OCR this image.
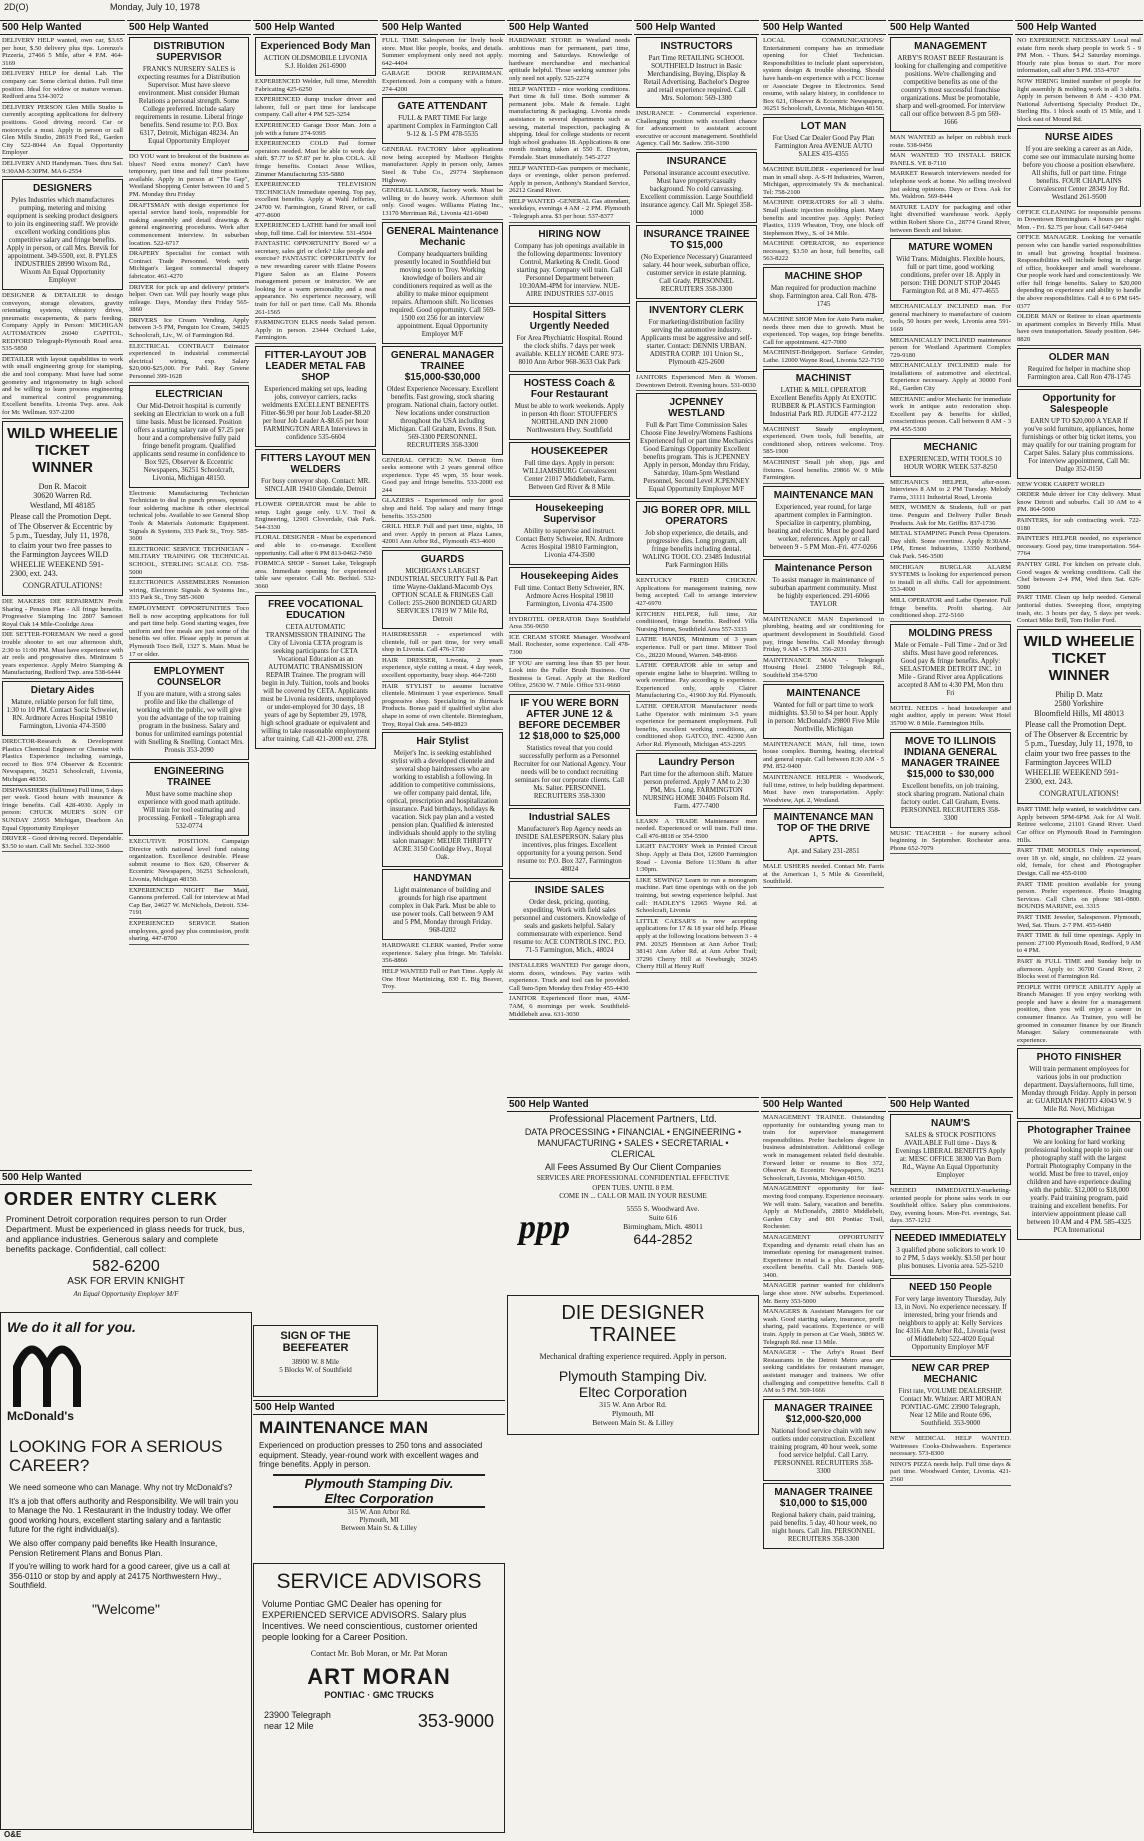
2D(O)	Monday, July 10, 1978
500 Help Wanted
DELIVERY HELP wanted, own car, $3.65 per hour, $.50 delivery plus tips. Lorenzo's Pizzeria, 27466 5 Mile, after 4 P.M. 464-3169
DELIVERY HELP for dental Lab. The company car. Some clerical duties. Full time position. Ideal for widow or mature woman. Redford area 534-3072
DELIVERY PERSON Glen Mills Studio is currently accepting applications for delivery positions. Good driving record. Car or motorcycle a must. Apply in person or call Glen Mills Studio, 28619 Ford Rd., Garden City 522-8044 An Equal Opportunity Employer
DELIVERY AND Handyman. Tues. thru Sat. 9:30AM-5:30PM. MA 6-2554
DESIGNERS

Pyles Industries which manufactures pumping, metering and mixing equipment is seeking product designers to join its engineering staff. We provide excellent working conditions plus competitive salary and fringe benefits. Apply in person, or call Mrs. Brevik for appointment. 349-5500, ext. 8. PYLES INDUSTRIES 28990 Wixom Rd., Wixom An Equal Opportunity Employer

DESIGNER & DETAILER to design conveyors, storage elevators, gravity orientating systems, vibratory drives, pneumatic escapements, & parts feeding. Company Apply in Person: MICHIGAN AUTOMATION 26040 CAPITOL, REDFORD Telegraph-Plymouth Road area. 535-5850
DETAILER with layout capabilities to work with small engineering group for stamping, die and tool company. Must have had some geometry and trigonometry in high school and be willing to learn process engineering and numerical control programming. Excellent benefits. Livonia Twp. area. Ask for Mr. Wellman. 937-2200
WILD WHEELIE TICKET WINNER
Don R. Macoit
30620 Warren Rd.
Westland, MI 48185
Please call the Promotion Dept. of The Observer & Eccentric by 5 p.m., Tuesday, July 11, 1978, to claim your two free passes to the Farmington Jaycees WILD WHEELIE WEEKEND 591-2300, ext. 243.
CONGRATULATIONS!
DIE MAKERS DIE REPAIRMEN Profit Sharing - Pension Plan - All fringe benefits. Progressive Stamping Inc 2807 Samoset Royal Oak 14 Mile-Coolidge Area
DIE SETTER-FOREMAN We need a good trouble shooter to set our afternoon shift, 2:30 to 11:00 PM. Must have experience with air reels and progressive dies. Minimum 5 years experience. Apply Metro Stamping & Manufacturing, Redford Twp. area 538-6444
Dietary Aides

Mature, reliable person for full time, 1:30 to 10 PM. Contact Sociz Schweier, RN. Ardmore Acres Hospital 19810 Farmington, Livonia 474-3500

DIRECTOR-Research & Development Plastics Chemical Engineer or Chemist with Plastics Experience including earnings, record to Box 974 Observer & Eccentric Newspapers, 36251 Schoolcraft, Livonia, Michigan 48150.
DISHWASHERS (full/time) Full time, 5 days per week. Good hours with insurance & fringe benefits. Call 428-4930. Apply in person: CHUCK MUER'S SON OF SUNDAY 25955 Michigan, Dearborn An Equal Opportunity Employer
DRIVER - Good driving record. Dependable. $3.50 to start. Call Mr. Sechel. 332-3660
500 Help Wanted
DISTRIBUTION SUPERVISOR

FRANK'S NURSERY SALES is expecting resumes for a Distribution Supervisor. Must have sleeve environment. Must consider Human Relations a personal strength. Some College preferred. Include salary requirements in resume. Liberal fringe benefits. Send resume to: P.O. Box 6317, Detroit, Michigan 48234. An Equal Opportunity Employer

DO YOU want to breakout of the business as blues? Need extra money? Can't have temporary, part time and full time positions available. Apply in person at "The Gap", Westland Shopping Center between 10 and 5 PM. Monday thru Friday
DRAFTSMAN with design experience for special service hand tools, responsible for making assembly and detail drawings & general engineering procedures. Work after commencement interview. In suburban location. 522-6717
DRAPERY Specialist for contact with Contract Trade Personnel. Work with Michigan's largest commercial drapery fabricator. 461-4270
DRIVER for pick up and delivery/ printer's helper. Own car. Will pay hourly wage plus mileage. Days, Monday thru Friday 565-3860
DRIVERS Ice Cream Vending. Apply between 3-5 PM, Penguin Ice Cream, 34025 Schoolcraft, Liv., W. of Farmington Rd.
ELECTRICAL CONTRACT Estimator experienced in industrial commercial electrical wiring, exp. Salary $20,000-$25,000. For Pabl. Ray Greene Personnel 399-1628
ELECTRICIAN

Our Mid-Detroit hospital is currently seeking an Electrician to work on a full time basis. Must be licensed. Position offers a starting salary rate of $7.25 per hour and a comprehensive fully paid fringe benefit program. Qualified applicants send resume in confidence to Box 925, Observer & Eccentric Newspapers, 36251 Schoolcraft, Livonia, Michigan 48150.

Electronic Manufacturing Technician Technician to deal in punch presses, operate four soldering machine & other electrical technical jobs. Available to see General Shop Tools & Materials Automatic Equipment. Signals & Systems, 333 Park St., Troy. 585-3600
ELECTRONIC SERVICE TECHNICIAN - MILITARY TRAINING OR TECHNICAL SCHOOL, STERLING SCALE CO. 758-5000
ELECTRONICS ASSEMBLERS Nonunion wiring, Electronic Signals & Systems Inc., 333 Park St., Troy 585-3600
EMPLOYMENT OPPORTUNITIES Toco Bell is now accepting applications for full and part time help. Good starting wages, free uniform and free meals are just some of the benefits we offer. Please apply in person at Plymouth Toco Bell, 1327 S. Main. Must be 17 or older.
EMPLOYMENT COUNSELOR

If you are mature, with a strong sales profile and like the challenge of working with the public, we will give you the advantage of the top training program in the business. Salary and bonus for unlimited earnings potential with Snelling & Snelling. Contact Mrs. Pronsis 353-2090

ENGINEERING TRAINEE

Must have some machine shop experience with good math aptitude. Will train for tool estimating and processing. Fenkell - Telegraph area 532-0774

EXECUTIVE POSITION. Campaign Director with national level fund raising organization. Excellence desirable. Please submit resume to Box 620, Observer & Eccentric Newspapers, 36251 Schoolcraft, Livonia, Michigan 48150.
EXPERIENCED NIGHT Bar Maid, Gannons preferred. Call for interview at Mad Cap Bar, 24627 W. McNichols, Detroit. 534-7191
EXPERIENCED SERVICE Station employees, good pay plus commission, profit sharing. 447-8700
500 Help Wanted
Experienced Body Man

ACTION OLDSMOBILE LIVONIA S.J. Holden 261-6900

EXPERIENCED Welder, full time, Meredith Fabricating 425-6250
EXPERIENCED dump trucker driver and laborer, full or part time for landscape company. Call after 4 PM 525-3254
EXPERIENCED Garage Door Man. Join a job with a future 274-9395
EXPERIENCED COLD Pad former operators needed. Must be able to work day shift. $7.77 to $7.87 per hr. plus COLA. All fringe benefits. Contact Jesse Wilkes, Zimmer Manufacturing 535-5880
EXPERIENCED TELEVISION TECHNICIAN Immediate opening. Top pay, excellent benefits. Apply at Wahl Jefferies, 24700 W. Farmington, Grand River, or call 477-8600
EXPERIENCED LATHE hand for small tool shop, full time. Call for interview. 531-4504
FANTASTIC OPPORTUNITY Bored w/ a secretary, sales girl or clerk? Like people and exercise? FANTASTIC OPPORTUNITY for a new rewarding career with Elaine Powers Figure Salon as an Elaine Powers management person or instructor. We are looking for a warm personality and a neat appearance. No experience necessary, will train for full or part time. Call Ms. Rhonda 261-1565
FARMINGTON ELKS needs Salad person. Apply in person. 23444 Orchard Lake, Farmington.
FITTER-LAYOUT JOB LEADER METAL FAB SHOP

Experienced making set ups, leading jobs, conveyor carriers, racks weldments EXCELLENT BENEFITS Fitter-$6.90 per hour Job Leader-$8.20 per hour Job Leader A-$8.65 per hour FARMINGTON AREA Interviews in confidence 535-6604

FITTERS LAYOUT MEN WELDERS

For busy conveyor shop. Contact: MR. SINCLAIR 19410 Glendale, Detroit

FLOWER OPERATOR must be able to setup. Light gauge only. U.V. Tool & Engineering, 12901 Cloverdale, Oak Park. 544-3330
FLORAL DESIGNER - Must be experienced and able to co-manage. Excellent opportunity. Call after 6 PM 813-0462-7450
FORMICA SHOP - Sunset Lake, Telegraph area. Immediate opening for experienced table saw operator. Call Mr. Bechtel. 532-3660
FREE VOCATIONAL EDUCATION

CETA AUTOMATIC TRANSMISSION TRAINING The City of Livonia CETA program is seeking participants for CETA Vocational Education as an AUTOMATIC TRANSMISSION REPAIR Trainee. The program will begin in July. Tuition, tools and books will be covered by CETA. Applicants must be Livonia residents, unemployed or under-employed for 30 days, 18 years of age by September 29, 1978, high school graduate or equivalent and willing to take reasonable employment after training. Call 421-2000 ext. 278.

500 Help Wanted
FULL TIME Salesperson for lively book store. Must like people, books, and details. Summer employment only need not apply. 642-4404
GARAGE DOOR REPAIRMAN. Experienced. Join a company with a future. 274-4200
GATE ATTENDANT

FULL & PART TIME For large apartment Complex in Farmington Call 9-12 & 1-5 PM 478-5535

GENERAL FACTORY labor applications now being accepted by Madison Heights manufacturer. Apply in person only, James Steel & Tube Co., 29774 Stephenson Highway.
GENERAL LABOR, factory work. Must be willing to do heavy work. Afternoon shift only. Good wages. Williams Plating Inc., 13170 Merriman Rd., Livonia 421-6040
GENERAL Maintenance Mechanic

Company headquarters building presently located in Southfield but moving soon to Troy. Working knowledge of boilers and air conditioners required as well as the ability to make minor equipment repairs. Afternoon shift. No licenses required. Good opportunity. Call 569-1500 ext 256 for an interview appointment. Equal Opportunity Employer M/F

GENERAL MANAGER TRAINEE $15,000-$30,000

Oldest Experience Necessary. Excellent benefits. Fast growing, stock sharing program. National chain, factory outlet. New locations under construction throughout the USA including Michigan. Call Graham, Evens. 8 Sun. 569-3300 PERSONNEL RECRUITERS 358-3300

GENERAL OFFICE: N.W. Detroit firm seeks someone with 2 years general office experience. Type 45 wpm, 35 hour week. Good pay and fringe benefits. 533-2000 ext 244
GLAZIERS - Experienced only for good shop and field. Top salary and many fringe benefits. 353-2500
GRILL HELP. Full and part time, nights, 18 and over. Apply in person at Plaza Lanes, 42001 Ann Arbor Rd., Plymouth 453-4600
GUARDS

MICHIGAN'S LARGEST INDUSTRIAL SECURITY Full & Part time Wayne-Oakland-Macomb Oys OPTION SCALE & FRINGES Call Collect: 255-2600 BONDED GUARD SERVICES 17819 W 7 Mile Rd, Detroit

HAIRDRESSER - experienced with clientele, full or part time, for very small shop in Livonia. Call 476-1730
HAIR DRESSER, Livonia, 2 years experience, style cutting a must. 4 day week, excellent opportunity, busy shop. 464-7260
HAIR STYLIST to assume lucrative clientele. Minimum 1 year experience. Small progressive shop. Specializing in Jhirmack Products. Bonus paid if qualified stylist also shape in some of own clientele. Birmingham, Troy, Royal Oak area. 549-8823
Hair Stylist

Meijer's Inc. is seeking established stylist with a developed clientele and several shop hairdressers who are working to establish a following. In addition to competitive commissions, we offer company paid dental, life, optical, prescription and hospitalization insurance. Paid birthdays, holidays & vacation. Sick pay plan and a vested pension plan. Qualified & interested individuals should apply to the styling salon manager: MEIJER THRIFTY ACRE 3150 Coolidge Hwy., Royal Oak.

HANDYMAN

Light maintenance of building and grounds for high rise apartment complex in Oak Park. Must be able to use power tools. Call between 9 AM and 5 PM, Monday through Friday. 968-0202

HARDWARE CLERK wanted, Prefer some experience. Salary plus fringe. Mr. Tafelski. 356-8866
HELP WANTED Full or Part Time. Apply At One Hour Martinizing, 830 E. Big Beaver, Troy.
500 Help Wanted
HARDWARE STORE in Westland needs ambitious man for permanent, part time, morning and Saturdays. Knowledge of hardware merchandise and mechanical aptitude helpful. Those seeking summer jobs only need not apply. 525-2274
HELP WANTED - nice working conditions. Part time & full time. Both summer & permanent jobs. Male & female. Light manufacturing & packaging. Livonia needs assistance in several departments such as sewing, material inspection, packaging & shipping. Ideal for college students or recent high school graduates 18. Applications & one month training taken at 550 E. Drayton, Ferndale. Start immediately. 545-2727
HELP WANTED-Gas pumpers or mechanic, days or evenings, older person preferred. Apply in person, Anthony's Standard Service, 26212 Grand River.
HELP WANTED -GENERAL Gas attendant, weekdays, evenings 4 AM - 2 PM. Plymouth - Telegraph area. $3 per hour. 537-8377
HIRING NOW

Company has job openings available in the following departments: Inventory Control, Marketing & Credit. Good starting pay. Company will train. Call Personnel Department between 10:30AM-4PM for interview. NUE-AIRE INDUSTRIES 537-0015

Hospital Sitters Urgently Needed

For Area Phychiatric Hospital. Round the clock shifts. 7 days per week available. KELLY HOME CARE 973-8010 Ann Arbor 968-3633 Oak Park

HOSTESS Coach & Four Restaurant

Must be able to work weekends. Apply in person 4th floor: STOUFFER'S NORTHLAND INN 21000 Northwestern Hwy. Southfield

HOUSEKEEPER

Full time days. Apply in person: WILLIAMSBURG Convalescent Center 21017 Middlebelt, Farm. Between Grd River & 8 Mile

Housekeeping Supervisor

Ability to supervise and instruct. Contact Betty Schweier, RN. Ardmore Acres Hospital 19810 Farmington, Livonia 474-3500

Housekeeping Aides

Full time. Contact Betty Schweier, RN. Ardmore Acres Hospital 19810 Farmington, Livonia 474-3500

HYDROTEL OPERATOR Days Southfield Area 356-9650
ICE CREAM STORE Manager. Woodward Mall. Rochester, some experience. Call 478-7390
IF YOU are earning less than $5 per hour. Look into the Fuller Brush Business. Our Business is Great. Apply at the Redford Office, 25630 W. 7 Mile. Office 531-9660
IF YOU WERE BORN AFTER JUNE 12 & BEFORE DECEMBER 12 $18,000 to $25,000

Statistics reveal that you could successfully perform as a Personnel Recruiter for our National Agency. Your needs will be to conduct recruiting seminars for our corporate clients. Call Ms. Salter. PERSONNEL RECRUITERS 358-3300

Industrial SALES

Manufacturer's Rep Agency needs an INSIDE SALESPERSON. Salary plus incentives, plus fringes. Excellent opportunity for a young person. Send resume to: P.O. Box 327, Farmington 48024

INSIDE SALES

Order desk, pricing, quoting, expediting. Work with field sales personnel and customers. Knowledge of seals and gaskets helpful. Salary commensurate with experience. Send resume to: ACE CONTROLS INC. P.O. 71-5 Farmington, Mich., 48024

INSTALLERS WANTED For garage doors, storm doors, windows. Pay varies with experience. Truck and tool can be provided. Call 9am-5pm Monday thru Friday 455-4430
JANITOR Experienced floor man, 4AM-7AM, 6 mornings per week. Southfield-Middlebelt area. 631-3030
500 Help Wanted
INSTRUCTORS

Part Time RETAILING SCHOOL SOUTHFIELD Instruct in Basic Merchandising, Buying, Display & Retail Advertising. Bachelor's Degree and retail experience required. Call Mrs. Solomon: 569-1300

INSURANCE - Commercial experience. Challenging position with excellent chance for advancement to assistant account executive or account management. Southfield Agency. Call Mr. Sadow. 356-3190
INSURANCE

Personal insurance account executive. Must have property/casualty background. No cold canvassing. Excellent commission. Large Southfield insurance agency. Call Mr. Spiegel 358-1000

INSURANCE TRAINEE TO $15,000

(No Experience Necessary) Guaranteed salary. 44 hour week, suburban office, customer service in estate planning. Call Grady. PERSONNEL RECRUITERS 358-3300

INVENTORY CLERK

For marketing/distribution facility serving the automotive industry. Applicants must be aggressive and self-starter. Contact: DENNIS URBAN. ADISTRA CORP. 101 Union St., Plymouth 425-2600

JANITORS Experienced Men & Women. Downtown Detroit. Evening hours. 531-0030
JCPENNEY WESTLAND

Full & Part Time Commission Sales Choose Fine Jewelry/Womens Fashions Experienced full or part time Mechanics Good Earnings Opportunity Excellent benefits program. This is JCPENNEY Apply in person, Monday thru Friday, Saturday, 10am-5pm Westland Personnel, Second Level JCPENNEY Equal Opportunity Employer M/F

JIG BORER OPR. MILL OPERATORS

Job shop experience, die details, and progressive dies. Long program, all fringe benefits including dental. WALING TOOL CO. 23485 Industrial Park Farmington Hills

KENTUCKY FRIED CHICKEN. Applications for management training, now being accepted. Call to arrange interview 427-6970
KITCHEN HELPER, full time, Air conditioned, fringe benefits. Redford Villa Nursing Home, Southfield Area 557-3333
LATHE HANDS, Minimum of 3 years experience. Full or part time. Mitteer Tool Co., 28220 Mound, Warren. 348-8966
LATHE OPERATOR able to setup and operate engine lathe to blueprint. Willing to work overtime. Pay according to experience. Experienced only, apply Clairer Manufacturing Co., 41960 Joy Rd. Plymouth.
LATHE OPERATOR Manufacturer needs Lathe Operator with minimum 3-5 years experience for permanent employment. Full benefits, excellent working conditions, air conditioned shop. GATCO, INC. 42300 Ann Arbor Rd. Plymouth, Michigan 453-2295
Laundry Person

Part time for the afternoon shift. Mature person preferred. Apply 7 AM to 2:30 PM, Mrs. Long. FARMINGTON NURSING HOME 30405 Folsom Rd. Farm. 477-7400

LEARN A TRADE Maintenance men needed. Experienced or will train. Full time. Call 476-8818 or 354-5500
LIGHT FACTORY Work in Printed Circuit Shop. Apply at Data Dot, 12600 Farmington Road - Livonia Before 11:30am & after 1:30pm.
LIKE SEWING? Learn to run a monogram machine. Part time openings with on the job training, but sewing experience helpful. Just call: HADLEY'S 12965 Wayne Rd. at Schoolcraft, Livonia
LITTLE CAESAR'S is now accepting applications for 17 & 18 year old help. Please apply at the following locations between 3 - 4 PM. 20325 Hennison at Ann Arbor Trail; 38141 Ann Arbor Rd. at Ann Arbor Trail; 37296 Cherry Hill at Newburgh; 30245 Cherry Hill at Henry Ruff
500 Help Wanted
LOCAL COMMUNICATIONS/ Entertainment company has an immediate opening for Chief Technician. Responsibilities to include plant supervision, system design & trouble shooting. Should have hands-on experience with a FCC license or Associate Degree in Electronics. Send resume, with salary history, in confidence to Box 621, Observer & Eccentric Newspapers, 36251 Schoolcraft, Livonia, Michigan 48150.
LOT MAN

For Used Car Dealer Good Pay Plan Farmington Area AVENUE AUTO SALES 435-4355

MACHINE BUILDER - experienced for lead man in small shop. A-S-H Industries, Warren, Michigan, approximately 9's & mechanical. Tel: 758-2100
MACHINE OPERATORS for all 3 shifts. Small plastic injection molding plant. Many benefits and incentive pay. Apply: Perfect Plastics, 1119 Wheaton, Troy, one block off Stephenson Hwy., S. of 14 Mile.
MACHINE OPERATOR, no experience necessary, $3.50 an hour, full benefits, call 563-8222
MACHINE SHOP

Man required for production machine shop. Farmington area. Call Ron. 478-1745

MACHINE SHOP Men for Auto Parts maker, needs three men due to growth. Must be experienced. Top wages, top fringe benefits. Call for appointment. 427-7000
MACHINIST-Bridgeport. Surface Grinder, Lathe. 12000 Wayne Road, Livonia 522-7150
MACHINIST

LATHE & MILL OPERATOR Excellent Benefits Apply At EXOTIC RUBBER & PLASTICS Farmington Industrial Park RD. JUDGE 477-2122

MACHINIST Steady employment, experienced. Own tools, full benefits, air conditioned shop, retirees welcome. Troy. 585-1900
MACHINIST Small job shop, jigs and fixtures. Good benefits. 29866 W. 9 Mile Farmington.
MAINTENANCE MAN

Experienced, year round, for large apartment complex in Farmington. Specialize in carpentry, plumbing, heating and electric. Must be good hard worker, references. Apply or call between 9 - 5 PM Mon.-Fri. 477-0266

Maintenance Person

To assist manager in maintenance of suburban apartment community. Must be highly experienced. 291-6066 TAYLOR

MAINTENANCE MAN Experienced in plumbing, heating and air conditioning for apartment development in Southfield. Good pay, fringe benefits. Call Monday through Friday, 9 AM - 5 PM. 356-2031
MAINTENANCE MAN - Telegraph Housing Hotel. 23800 Telegraph Rd., Southfield 354-5700
MAINTENANCE

Wanted for full or part time to work midnights. $3.50 to $4 per hour. Apply in person: McDonald's 29800 Five Mile Northville, Michigan

MAINTENANCE MAN, full time, town house complex. Burning, heating, electrical and general repair. Call between 8:30 AM - 5 PM. 852-9400
MAINTENANCE HELPER - Woodwork, full time, retiree, to help building department. Must have own transportation. Apply: Woodview, Apt. 2, Westland.
MAINTENANCE MAN TOP OF THE DRIVE APTS.

Apt. and Salary 231-2851

MALE USHERS needed. Contact Mr. Farris at the American 1, 5 Mile & Greenfield, Southfield.
500 Help Wanted
MANAGEMENT

ARBY'S ROAST BEEF Restaurant is looking for challenging and competitive positions. We're challenging and competitive benefits as one of the country's most successful franchise organizations. Must be promotable, sharp and well-groomed. For interview call our office between 8-5 pm 569-1666

MAN WANTED as helper on rubbish truck route. 538-9456
MAN WANTED TO INSTALL BRICK PANELS. VE 8-7110
MARKET Research interviewers needed for telephone work at home. No selling involved just asking opinions. Days or Eves. Ask for Ms. Waldron. 569-8444
MATURE LADY for packaging and other light diversified warehouse work. Apply within Robert Shore Co., 28774 Grand River, between Beech and Inkster.
MATURE WOMEN

Wild Trans. Midnights. Flexible hours, full or part time, good working conditions, prefer over 18. Apply in person: THE DONUT STOP 20445 Farmington Rd. at 8 Mi. 477-4655

MECHANICALLY INCLINED man. For general machinery to manufacture of custom tools, 50 hours per week, Livonia area 591-1669
MECHANICALLY INCLINED maintenance person for Westland Apartment Complex 729-9180
MECHANICALLY INCLINED male for installations of automotive and electrical. Experience necessary. Apply at 30000 Ford Rd., Garden City
MECHANIC and/or Mechanic for immediate work in antique auto restoration shop. Excellent pay & benefits for skilled, conscientious person. Call between 8 AM - 3 PM 455-5300
MECHANIC

EXPERIENCED, WITH TOOLS 10 HOUR WORK WEEK 537-8250

MECHANICS HELPER, after-noon. Interviews 8 AM to 2 PM Tuesday. Melody Farms, 31111 Industrial Road, Livonia
MEN, WOMEN & Students, full or part time. Penguin and Delivery Fuller Brush Products. Ask for Mr. Griffin. 837-1736
METAL STAMPING Punch Press Operators. Day shift. Some overtime. Apply 8:30AM-1PM, Ernest Industries, 13350 Northend, Oak Park. 546-3500
MICHIGAN BURGLAR ALARM SYSTEMS is looking for experienced person to install in all shifts. Call for appointment. 553-4000
MILL OPERATOR and Lathe Operator. Full fringe benefits. Profit sharing. Air conditioned shop. 272-5160
MOLDING PRESS

Male or Female - Full Time - 2nd or 3rd shifts. Must have good references. Good pay & fringe benefits. Apply: SELASTOMER DETROIT INC. 10 Mile - Grand River area Applications accepted 8 AM to 4:30 PM, Mon thru Fri

MOTEL NEEDS - head housekeeper and night auditor, apply in person: West Hotel 35700 W. 8 Mile. Farmington Hills.
MOVE TO ILLINOIS INDIANA GENERAL MANAGER TRAINEE $15,000 to $30,000

Excellent benefits, on job training, stock sharing program. National chain factory outlet. Call Graham, Evens. PERSONNEL RECRUITERS 358-3300

MUSIC TEACHER - for nursery school beginning in September. Rochester area. Phone 652-7079
500 Help Wanted
NO EXPERIENCE NECESSARY Local real estate firm needs sharp people to work 5 - 9 PM Mon. - Thurs. $4.2 Saturday mornings. Hourly rate plus bonus to start. For more information, call after 5 PM. 353-4707
NOW HIRING limited number of people for light assembly & molding work in all 3 shifts. Apply in person between 8 AM - 4:30 PM. National Advertising Specialty Product Dr., Sterling Hts. 1 block south of 15 Mile, and 1 block east of Mound Rd.
NURSE AIDES

If you are seeking a career as an Aide, come see our immaculate nursing home before you choose a position elsewhere. All shifts, full or part time. Fringe benefits. FOUR CHAPLAINS Convalescent Center 28349 Joy Rd. Westland 261-9500

OFFICE CLEANING for responsible persons in Downtown Birmingham. 4 hours per night. Mon. - Fri. $2.75 per hour. Call 647-9464
OFFICE MANAGER. Looking for versatile person who can handle varied responsibilities in small but growing hospital business. Responsibilities will include being in charge of office, bookkeeper and small warehouse. Our people work hard and conscientiously. We offer full fringe benefits. Salary to $20,000 depending on experience and ability to handle the above responsibilities. Call 4 to 6 PM 645-0377
OLDER MAN or Retiree to clean apartments in apartment complex in Beverly Hills. Must have own transportation. Steady position. 646-8820
OLDER MAN

Required for helper in machine shop Farmington area. Call Ron 478-1745

Opportunity for Salespeople

EARN UP TO $20,000 A YEAR If you've sold furniture, appliances, home furnishings or other big ticket items, you may qualify for our training program for Carpet Sales. Salary plus commissions. For interview appointment, Call Mr. Dudge 352-0150

NEW YORK CARPET WORLD
ORDER Mule driver for City delivery. Must know Detroit and suburbs. Call 10 AM to 4 PM. 864-5000
PAINTERS, for sub contracting work. 722-0180
PAINTER'S HELPER needed, no experience necessary. Good pay, time transportation. 564-7764
PANTRY GIRL For kitchen on private club. Good wages & working conditions. Call the Chef between 2-4 PM, Wed thru Sat. 626-5080
PART TIME Clean up help needed. General janitorial duties. Sweeping floor, emptying trash, etc. 3 hours per day, 5 days per week. Contact Mike Brill, Tom Holler Ford.
WILD WHEELIE TICKET WINNER
Philip D. Matz
2580 Yorkshire
Bloomfield Hills, MI 48013
Please call the Promotion Dept. of The Observer & Eccentric by 5 p.m., Tuesday, July 11, 1978, to claim your two free passes to the Farmington Jaycees WILD WHEELIE WEEKEND 591-2300, ext. 243.
CONGRATULATIONS!
PART TIME help wanted, to watch/drive cars. Apply between 5PM-6PM. Ask for Al Wolf. Retiree welcome, 21101 Grand River. Used Car office on Plymouth Road in Farmington Hills.
PART TIME MODELS Only experienced, over 18 yr. old, single, no children. 22 years old, female, for chest and Photographer Design. Call me 455-0100
PART TIME position available for young person. Prefer experience. Photo Imaging Services. Call Chris on phone 981-0800. BOUNDS MARINE, ext. 3315
PART TIME Jeweler, Salesperson. Plymouth, Wed, Sat. Thurs. 2-7 PM. 455-6480
PART TIME & full time openings. Apply in person: 27100 Plymouth Road, Redford, 9 AM to 4 PM.
PART & FULL TIME and Sunday help in afternoon. Apply to: 36700 Grand River, 2 Blocks west of Farmington Rd.
PEOPLE WITH OFFICE ABILITY Apply at Branch Manager. If you enjoy working with people and have a desire for a management position, then you will enjoy a career in consumer finance. As Trainee, you will be groomed in consumer finance by our Branch Manager. Salary commensurate with experience.
PHOTO FINISHER

Will train permanent employees for various jobs in our production department. Days/afternoons, full time, Monday through Friday. Apply in person at: GUARDIAN PHOTO 43043 W. 9 Mile Rd. Novi, Michigan

Photographer Trainee

We are looking for hard working professional looking people to join our photography staff with the largest Portrait Photography Company in the world. Must be free to travel, enjoy children and have experience dealing with the public. $12,000 to $18,000 yearly. Paid training program, paid training and excellent benefits. For interview appointment please call between 10 AM and 4 PM. 585-4325 PCA International

500 Help Wanted
ORDER ENTRY CLERK
Prominent Detroit corporation requires person to run Order Department. Must be experienced in glass needs for truck, bus, and appliance industries. Generous salary and complete benefits package. Confidential, call collect:
582-6200
ASK FOR ERVIN KNIGHT
An Equal Opportunity Employer M/F
We do it all for you.
McDonald's
LOOKING FOR A SERIOUS CAREER?
We need someone who can Manage. Why not try McDonald's?
It's a job that offers authority and Responsibility. We will train you to Manage the No. 1 Restaurant in the Industry today. We offer good working hours, excellent starting salary and a fantastic future for the right individual(s).
We also offer company paid benefits like Health Insurance, Pension Retirement Plans and Bonus Plan.
If you're willing to work hard for a good career, give us a call at 356-0110 or stop by and apply at 24175 Northwestern Hwy., Southfield.
"Welcome"
SIGN OF THE BEEFEATER
38900 W. 8 Mile
5 Blocks W. of Southfield
500 Help Wanted
MAINTENANCE MAN
Experienced on production presses to 250 tons and associated equipment. Steady, year-round work with excellent wages and fringe benefits. Apply in person.
Plymouth Stamping Div.
Eltec Corporation
315 W. Ann Arbor Rd.
Plymouth, MI
Between Main St. & Lilley
SERVICE ADVISORS
Volume Pontiac GMC Dealer has opening for EXPERIENCED SERVICE ADVISORS. Salary plus Incentives. We need conscientious, customer oriented people looking for a Career Position.
Contact Mr. Bob Moran, or Mr. Pat Moran
ART MORAN
PONTIAC · GMC TRUCKS
23900 Telegraph
near 12 Mile	353-9000
500 Help Wanted
Professional Placement Partners, Ltd.
DATA PROCESSING • FINANCIAL • ENGINEERING • MANUFACTURING • SALES • SECRETARIAL • CLERICAL
All Fees Assumed By Our Client Companies
SERVICES ARE PROFESSIONAL CONFIDENTIAL EFFECTIVE
OPEN TUES. UNTIL 8 P.M.
COME IN ... CALL OR MAIL IN YOUR RESUME
ppp	5555 S. Woodward Ave.
Suite 616
Birmingham, Mich. 48011
644-2852
DIE DESIGNER TRAINEE
Mechanical drafting experience required. Apply in person.
Plymouth Stamping Div.
Eltec Corporation
315 W. Ann Arbor Rd.
Plymouth, MI
Between Main St. & Lilley
500 Help Wanted
MANAGEMENT TRAINEE. Outstanding opportunity for outstanding young man to train for supervisor management responsibilities. Prefer bachelors degree in business administration. Additional college work in management related field desirable. Forward letter or resume to Box 372, Observer & Eccentric Newspapers, 36251 Schoolcraft, Livonia, Michigan 48150.
MANAGEMENT opportunity for fast-moving food company. Experience necessary. We will train. Salary, vacation and benefits. Apply at McDonald's, 28810 Middlebelt, Garden City and 801 Pontiac Trail, Rochester.
MANAGEMENT OPPORTUNITY Expanding and dynamic retail chain has an immediate opening for management trainee. Experience in retail is a plus. Good salary, excellent benefits. Call Mr. Daniels 968-3400.
MANAGER partner wanted for children's large shoe store. NW suburbs. Experienced. Mr. Berry 353-5000
MANAGERS & Assistant Managers for car wash. Good starting salary, insurance, profit sharing, paid vacations. Experience or will train. Apply in person at Car Wash, 38865 W. Telegraph Rd. near 13 Mile.
MANAGER - The Arby's Roast Beef Restaurants in the Detroit Metro area are seeking candidates for restaurant manager, assistant manager and trainees. We offer challenging and competitive benefits. Call 8 AM to 5 PM. 569-1666
MANAGER TRAINEE $12,000-$20,000

National food service chain with new outlets under construction. Excellent training program, 40 hour week, some food service helpful. Call Larry. PERSONNEL RECRUITERS 358-3300

MANAGER TRAINEE $10,000 to $15,000

Regional bakery chain, paid training, paid benefits. 5 day, 40 hour week, no night hours. Call Jim. PERSONNEL RECRUITERS 358-3300

500 Help Wanted
NAUM'S

SALES & STOCK POSITIONS AVAILABLE Full time - Days & Evenings LIBERAL BENEFITS Apply at: MESC OFFICE 38300 Van Born Rd., Wayne An Equal Opportunity Employer

NEEDED IMMEDIATELY-marketing-oriented people for phone sales work in our Southfield office. Salary plus commissions. Day, evening hours. Mon-Fri. evenings, Sat. days. 357-1212
NEEDED IMMEDIATELY

3 qualified phone solicitors to work 10 to 2 PM, 5 days weekly. $3.50 per hour plus bonuses. Livonia area. 525-5210

NEED 150 People

For very large inventory Thursday, July 13, in Novi. No experience necessary. If interested, bring your friends and neighbors to apply at: Kelly Services Inc 4316 Ann Arbor Rd., Livonia (west of Middlebelt) 522-4020 Equal Opportunity Employer M/F

NEW CAR PREP MECHANIC

First rate, VOLUME DEALERSHIP. Contact Mr. Whtizer. ART MORAN PONTIAC-GMC 23900 Telegraph, Near 12 Mile and Route 696, Southfield. 353-9000

NEW MEDICAL HELP WANTED. Waitresses Cooks-Dishwashers. Experience necessary. 573-8300
NINO'S PIZZA needs help. Full time days & part time. Woodward Center, Livonia. 421-2560
O&E
